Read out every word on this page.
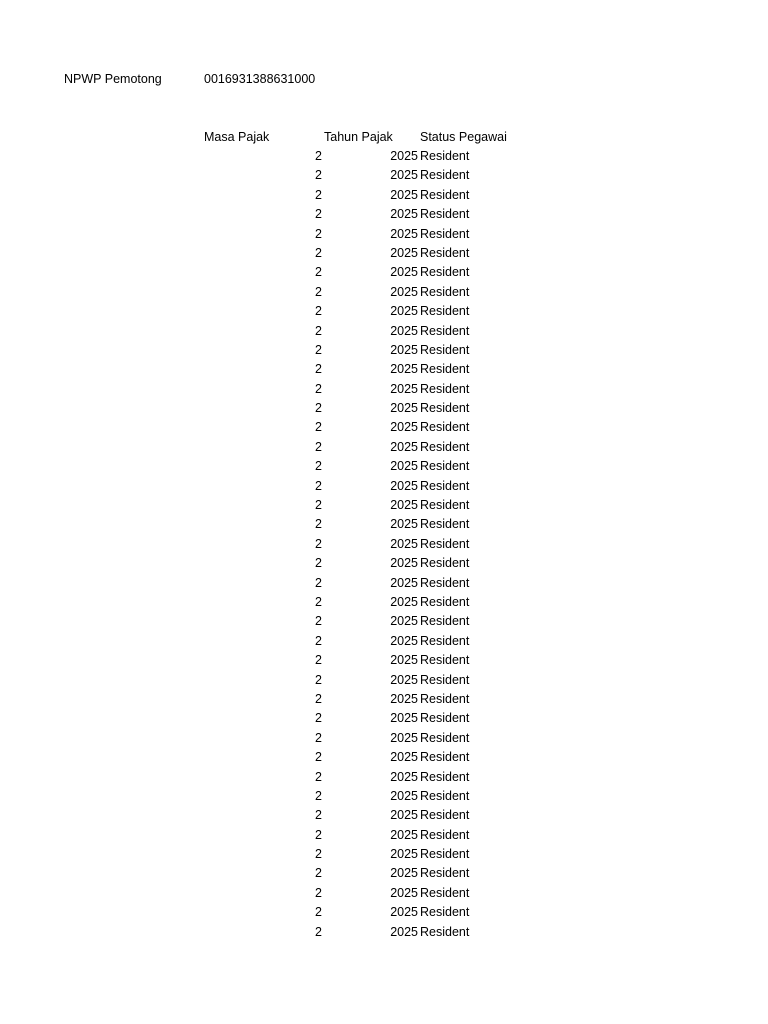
NPWP Pemotong	0016931388631000
Masa Pajak	Tahun Pajak Status Pegawai
2	2025 Resident
2	2025 Resident
2	2025 Resident
2	2025 Resident
2	2025 Resident
2	2025 Resident
2	2025 Resident
2	2025 Resident
2	2025 Resident
2	2025 Resident
2	2025 Resident
2	2025 Resident
2	2025 Resident
2	2025 Resident
2	2025 Resident
2	2025 Resident
2	2025 Resident
2	2025 Resident
2	2025 Resident
2	2025 Resident
2	2025 Resident
2	2025 Resident
2	2025 Resident
2	2025 Resident
2	2025 Resident
2	2025 Resident
2	2025 Resident
2	2025 Resident
2	2025 Resident
2	2025 Resident
2	2025 Resident
2	2025 Resident
2	2025 Resident
2	2025 Resident
2	2025 Resident
2	2025 Resident
2	2025 Resident
2	2025 Resident
2	2025 Resident
2	2025 Resident
2	2025 Resident
